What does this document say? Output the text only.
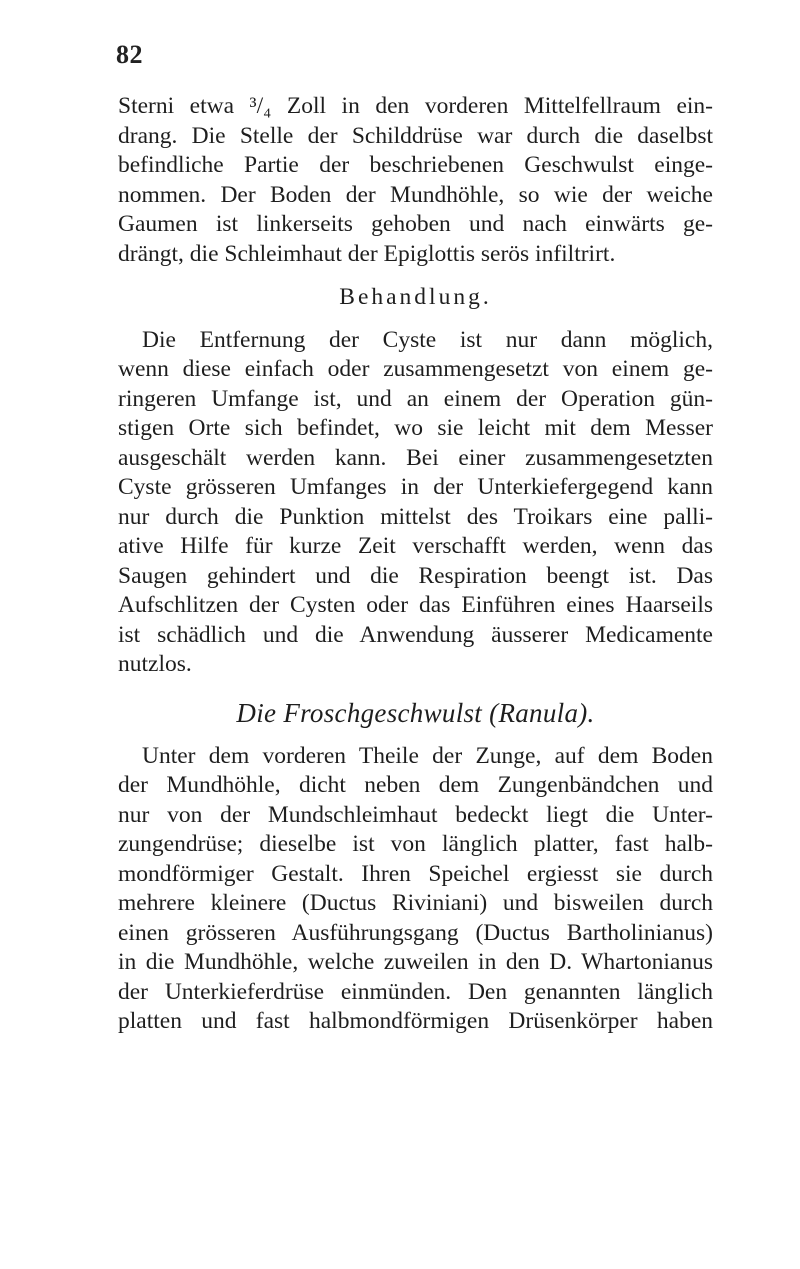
82
Sterni etwa ³/₄ Zoll in den vorderen Mittelfellraum ein-
drang. Die Stelle der Schilddrüse war durch die daselbst
befindliche Partie der beschriebenen Geschwulst einge-
nommen. Der Boden der Mundhöhle, so wie der weiche
Gaumen ist linkerseits gehoben und nach einwärts ge-
drängt, die Schleimhaut der Epiglottis serös infiltrirt.
Behandlung.
Die Entfernung der Cyste ist nur dann möglich,
wenn diese einfach oder zusammengesetzt von einem ge-
ringeren Umfange ist, und an einem der Operation gün-
stigen Orte sich befindet, wo sie leicht mit dem Messer
ausgeschält werden kann. Bei einer zusammengesetzten
Cyste grösseren Umfanges in der Unterkiefergegend kann
nur durch die Punktion mittelst des Troikars eine palli-
ative Hilfe für kurze Zeit verschafft werden, wenn das
Saugen gehindert und die Respiration beengt ist. Das
Aufschlitzen der Cysten oder das Einführen eines Haarseils
ist schädlich und die Anwendung äusserer Medicamente
nutzlos.
Die Froschgeschwulst (Ranula).
Unter dem vorderen Theile der Zunge, auf dem Boden
der Mundhöhle, dicht neben dem Zungenbändchen und
nur von der Mundschleimhaut bedeckt liegt die Unter-
zungendrüse; dieselbe ist von länglich platter, fast halb-
mondförmiger Gestalt. Ihren Speichel ergiesst sie durch
mehrere kleinere (Ductus Riviniani) und bisweilen durch
einen grösseren Ausführungsgang (Ductus Bartholinianus)
in die Mundhöhle, welche zuweilen in den D. Whartonianus
der Unterkieferdrüse einmünden. Den genannten länglich
platten und fast halbmondförmigen Drüsenkörper haben
